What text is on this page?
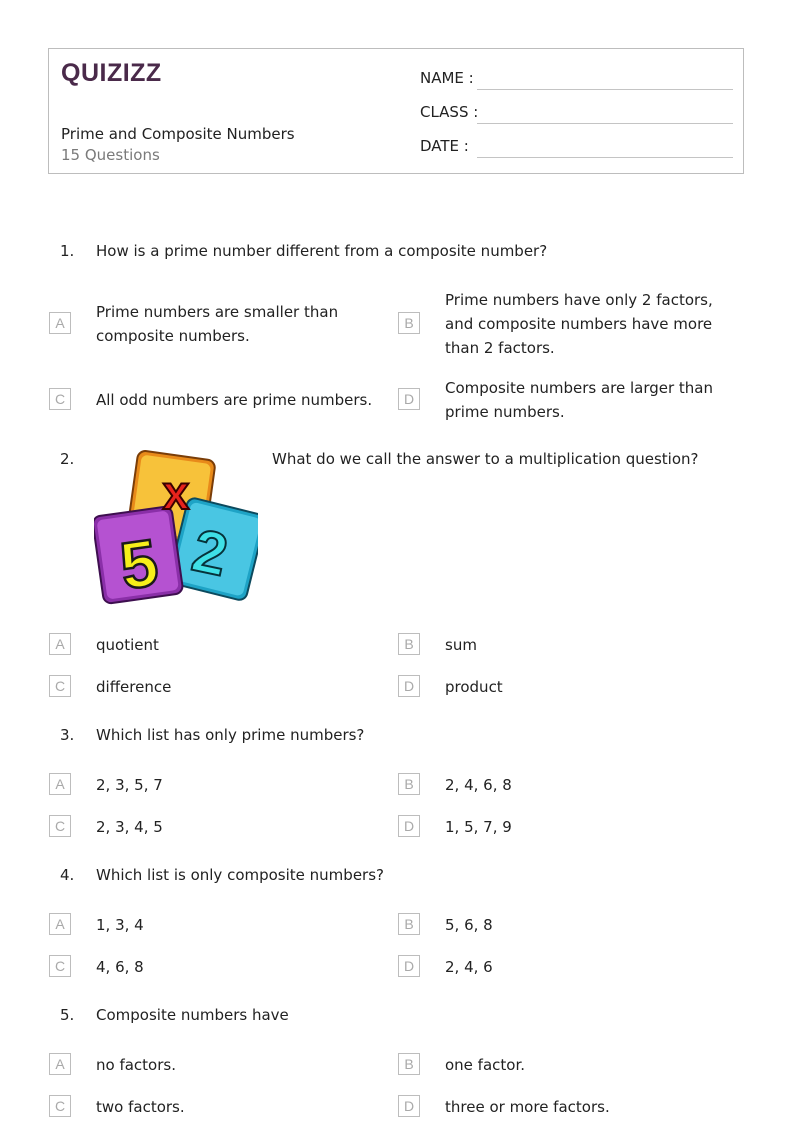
QUIZIZZ
Prime and Composite Numbers
15 Questions
NAME :
CLASS :
DATE :
1. How is a prime number different from a composite number?
A
Prime numbers are smaller than composite numbers.
B
Prime numbers have only 2 factors, and composite numbers have more than 2 factors.
C	All odd numbers are prime numbers.	D
Composite numbers are larger than prime numbers.
2.
x
2
5
What do we call the answer to a multiplication question?
A	quotient	B	sum
C	difference	D	product
3. Which list has only prime numbers?
A	2, 3, 5, 7	B	2, 4, 6, 8
C	2, 3, 4, 5	D	1, 5, 7, 9
4. Which list is only composite numbers?
A	1, 3, 4	B	5, 6, 8
C	4, 6, 8	D	2, 4, 6
5. Composite numbers have
A	no factors.	B	one factor.
C	two factors.	D	three or more factors.
